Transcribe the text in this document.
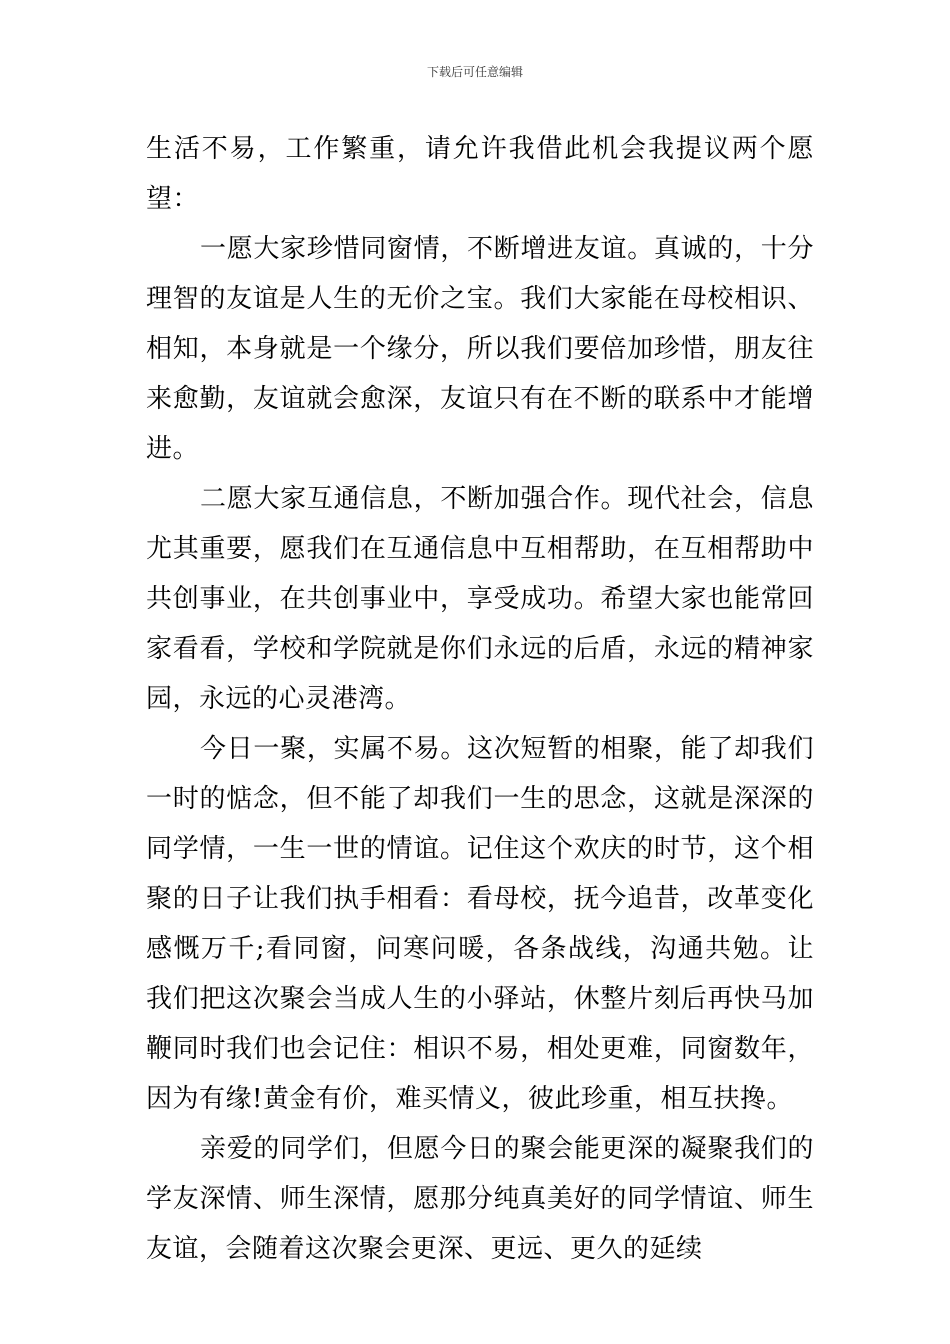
下载后可任意编辑

生活不易，工作繁重，请允许我借此机会我提议两个愿望：

一愿大家珍惜同窗情，不断增进友谊。真诚的，十分理智的友谊是人生的无价之宝。我们大家能在母校相识、相知，本身就是一个缘分，所以我们要倍加珍惜，朋友往来愈勤，友谊就会愈深，友谊只有在不断的联系中才能增进。

二愿大家互通信息，不断加强合作。现代社会，信息尤其重要，愿我们在互通信息中互相帮助，在互相帮助中共创事业，在共创事业中，享受成功。希望大家也能常回家看看，学校和学院就是你们永远的后盾，永远的精神家园，永远的心灵港湾。

今日一聚，实属不易。这次短暂的相聚，能了却我们一时的惦念，但不能了却我们一生的思念，这就是深深的同学情，一生一世的情谊。记住这个欢庆的时节，这个相聚的日子让我们执手相看：看母校，抚今追昔，改革变化感慨万千;看同窗，问寒问暖，各条战线，沟通共勉。让我们把这次聚会当成人生的小驿站，休整片刻后再快马加鞭同时我们也会记住：相识不易，相处更难，同窗数年，因为有缘!黄金有价，难买情义，彼此珍重，相互扶搀。

亲爱的同学们，但愿今日的聚会能更深的凝聚我们的学友深情、师生深情，愿那分纯真美好的同学情谊、师生友谊，会随着这次聚会更深、更远、更久的延续
